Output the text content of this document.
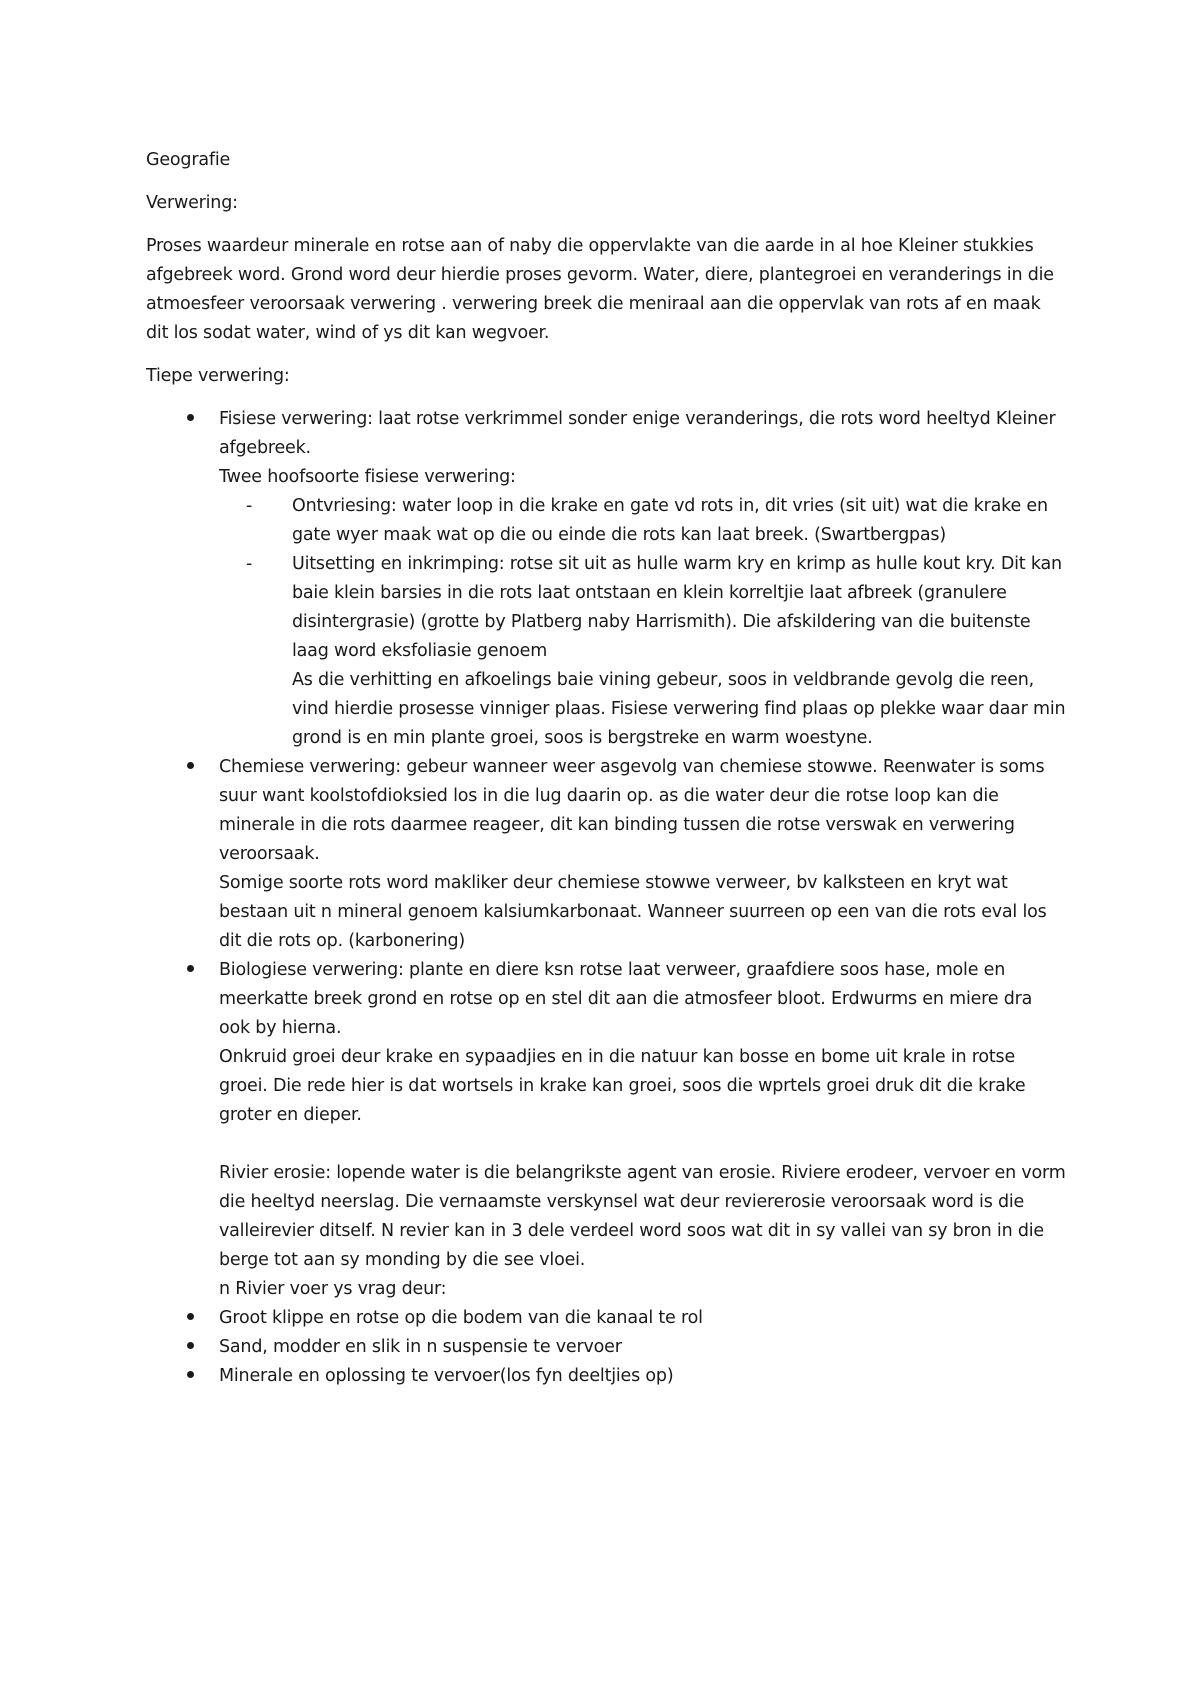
Geografie

Verwering:

Proses waardeur minerale en rotse aan of naby die oppervlakte van die aarde in al hoe Kleiner stukkies afgebreek word. Grond word deur hierdie proses gevorm. Water, diere, plantegroei en veranderings in die atmoesfeer veroorsaak verwering . verwering breek die meniraal aan die oppervlak van rots af en maak dit los sodat water, wind of ys dit kan wegvoer.

Tiepe verwering:

Fisiese verwering: laat rotse verkrimmel sonder enige veranderings, die rots word heeltyd Kleiner afgebreek.
Twee hoofsoorte fisiese verwering:
- Ontvriesing: water loop in die krake en gate vd rots in, dit vries (sit uit) wat die krake en gate wyer maak wat op die ou einde die rots kan laat breek. (Swartbergpas)
- Uitsetting en inkrimping: rotse sit uit as hulle warm kry en krimp as hulle kout kry. Dit kan baie klein barsies in die rots laat ontstaan en klein korreltjie laat afbreek (granulere disintergrasie) (grotte by Platberg naby Harrismith). Die afskildering van die buitenste laag word eksfoliasie genoem
As die verhitting en afkoelings baie vining gebeur, soos in veldbrande gevolg die reen, vind hierdie prosesse vinniger plaas. Fisiese verwering find plaas op plekke waar daar min grond is en min plante groei, soos is bergstreke en warm woestyne.
Chemiese verwering: gebeur wanneer weer asgevolg van chemiese stowwe. Reenwater is soms suur want koolstofdioksied los in die lug daarin op. as die water deur die rotse loop kan die minerale in die rots daarmee reageer, dit kan binding tussen die rotse verswak en verwering veroorsaak.
Somige soorte rots word makliker deur chemiese stowwe verweer, bv kalksteen en kryt wat bestaan uit n mineral genoem kalsiumkarbonaat. Wanneer suurreen op een van die rots eval los dit die rots op. (karbonering)
Biologiese verwering: plante en diere ksn rotse laat verweer, graafdiere soos hase, mole en meerkatte breek grond en rotse op en stel dit aan die atmosfeer bloot. Erdwurms en miere dra ook by hierna.
Onkruid groei deur krake en sypaadjies en in die natuur kan bosse en bome uit krale in rotse groei. Die rede hier is dat wortsels in krake kan groei, soos die wprtels groei druk dit die krake groter en dieper.
Rivier erosie: lopende water is die belangrikste agent van erosie. Riviere erodeer, vervoer en vorm die heeltyd neerslag. Die vernaamste verskynsel wat deur reviererosie veroorsaak word is die valleirevier ditself. N revier kan in 3 dele verdeel word soos wat dit in sy vallei van sy bron in die berge tot aan sy monding by die see vloei.
n Rivier voer ys vrag deur:
Groot klippe en rotse op die bodem van die kanaal te rol
Sand, modder en slik in n suspensie te vervoer
Minerale en oplossing te vervoer(los fyn deeltjies op)
